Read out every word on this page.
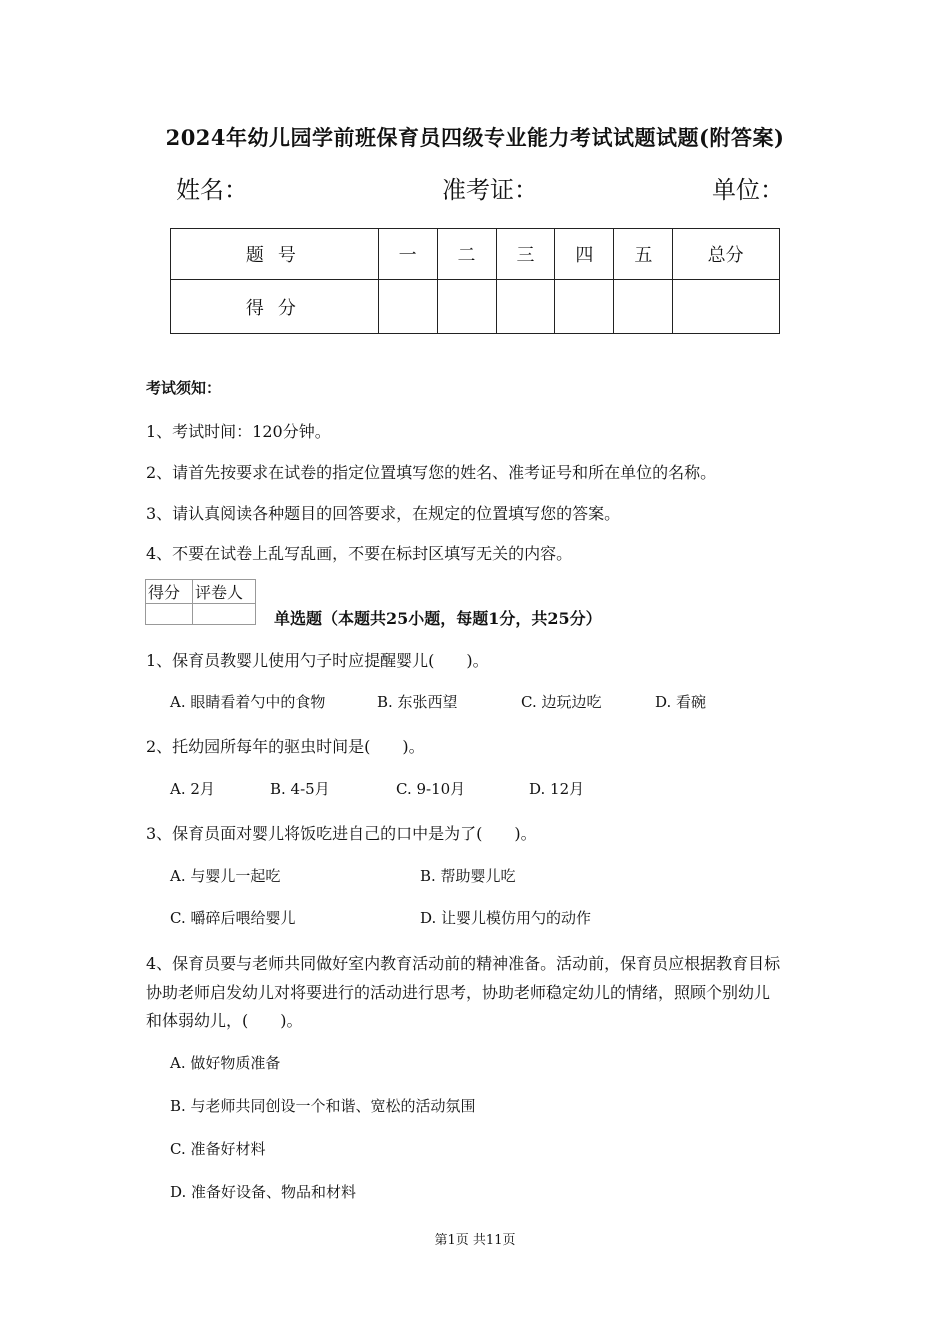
2024年幼儿园学前班保育员四级专业能力考试试题试题(附答案)
姓名：	准考证：	单位：
题号	一	二	三	四	五	总分
得分						
考试须知：
1、考试时间：120分钟。
2、请首先按要求在试卷的指定位置填写您的姓名、准考证号和所在单位的名称。
3、请认真阅读各种题目的回答要求，在规定的位置填写您的答案。
4、不要在试卷上乱写乱画，不要在标封区填写无关的内容。
得分	评卷人

单选题（本题共25小题，每题1分，共25分）
1、保育员教婴儿使用勺子时应提醒婴儿(　　)。
A. 眼睛看着勺中的食物	B. 东张西望	C. 边玩边吃	D. 看碗
2、托幼园所每年的驱虫时间是(　　)。
A. 2月	B. 4-5月	C. 9-10月	D. 12月
3、保育员面对婴儿将饭吃进自己的口中是为了(　　)。
A. 与婴儿一起吃	B. 帮助婴儿吃
C. 嚼碎后喂给婴儿	D. 让婴儿模仿用勺的动作
4、保育员要与老师共同做好室内教育活动前的精神准备。活动前，保育员应根据教育目标
协助老师启发幼儿对将要进行的活动进行思考，协助老师稳定幼儿的情绪，照顾个别幼儿
和体弱幼儿，(　　)。
A. 做好物质准备
B. 与老师共同创设一个和谐、宽松的活动氛围
C. 准备好材料
D. 准备好设备、物品和材料
第1页 共11页
